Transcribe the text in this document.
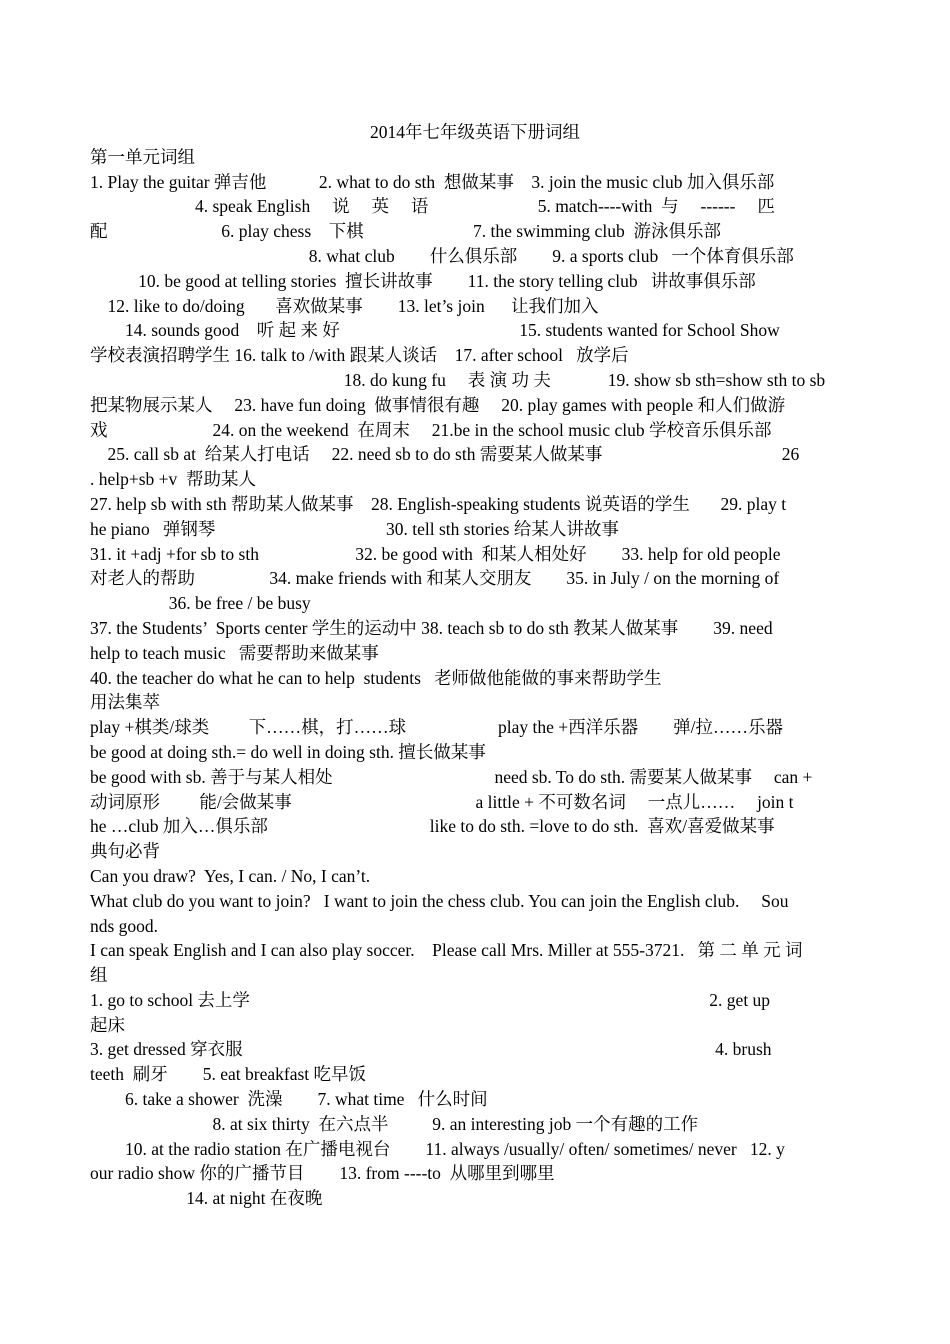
2014年七年级英语下册词组
第一单元词组
1. Play the guitar 弹吉他            2. what to do sth  想做某事    3. join the music club 加入俱乐部
4. speak English     说     英     语                         5. match----with  与     ------     匹
配                          6. play chess    下棋                         7. the swimming club  游泳俱乐部
8. what club        什么俱乐部        9. a sports club   一个体育俱乐部
10. be good at telling stories  擅长讲故事        11. the story telling club   讲故事俱乐部
12. like to do/doing       喜欢做某事        13. let’s join      让我们加入
14. sounds good    听 起 来 好                                         15. students wanted for School Show
学校表演招聘学生 16. talk to /with 跟某人谈话    17. after school   放学后
18. do kung fu     表 演 功 夫             19. show sb sth=show sth to sb
把某物展示某人     23. have fun doing  做事情很有趣     20. play games with people 和人们做游
戏                        24. on the weekend  在周末     21.be in the school music club 学校音乐俱乐部
25. call sb at  给某人打电话     22. need sb to do sth 需要某人做某事                                         26
. help+sb +v  帮助某人
27. help sb with sth 帮助某人做某事    28. English-speaking students 说英语的学生       29. play t
he piano   弹钢琴                                       30. tell sth stories 给某人讲故事
31. it +adj +for sb to sth                      32. be good with  和某人相处好        33. help for old people
对老人的帮助                 34. make friends with 和某人交朋友        35. in July / on the morning of
36. be free / be busy
37. the Students’  Sports center 学生的运动中 38. teach sb to do sth 教某人做某事        39. need
help to teach music   需要帮助来做某事
40. the teacher do what he can to help  students   老师做他能做的事来帮助学生
用法集萃
play +棋类/球类         下……棋，打……球                     play the +西洋乐器        弹/拉……乐器
be good at doing sth.= do well in doing sth. 擅长做某事
be good with sb. 善于与某人相处                                     need sb. To do sth. 需要某人做某事     can +
动词原形         能/会做某事                                          a little + 不可数名词     一点儿……     join t
he …club 加入…俱乐部                                     like to do sth. =love to do sth.  喜欢/喜爱做某事
典句必背
Can you draw?  Yes, I can. / No, I can’t.
What club do you want to join?   I want to join the chess club. You can join the English club.     Sou
nds good.
I can speak English and I can also play soccer.    Please call Mrs. Miller at 555-3721.   第 二 单 元 词
组
1. go to school 去上学                                                                                                         2. get up
起床
3. get dressed 穿衣服                                                                                                            4. brush
teeth  刷牙        5. eat breakfast 吃早饭
6. take a shower  洗澡        7. what time   什么时间
8. at six thirty  在六点半          9. an interesting job 一个有趣的工作
10. at the radio station 在广播电视台        11. always /usually/ often/ sometimes/ never   12. y
our radio show 你的广播节目        13. from ----to  从哪里到哪里
14. at night 在夜晚
